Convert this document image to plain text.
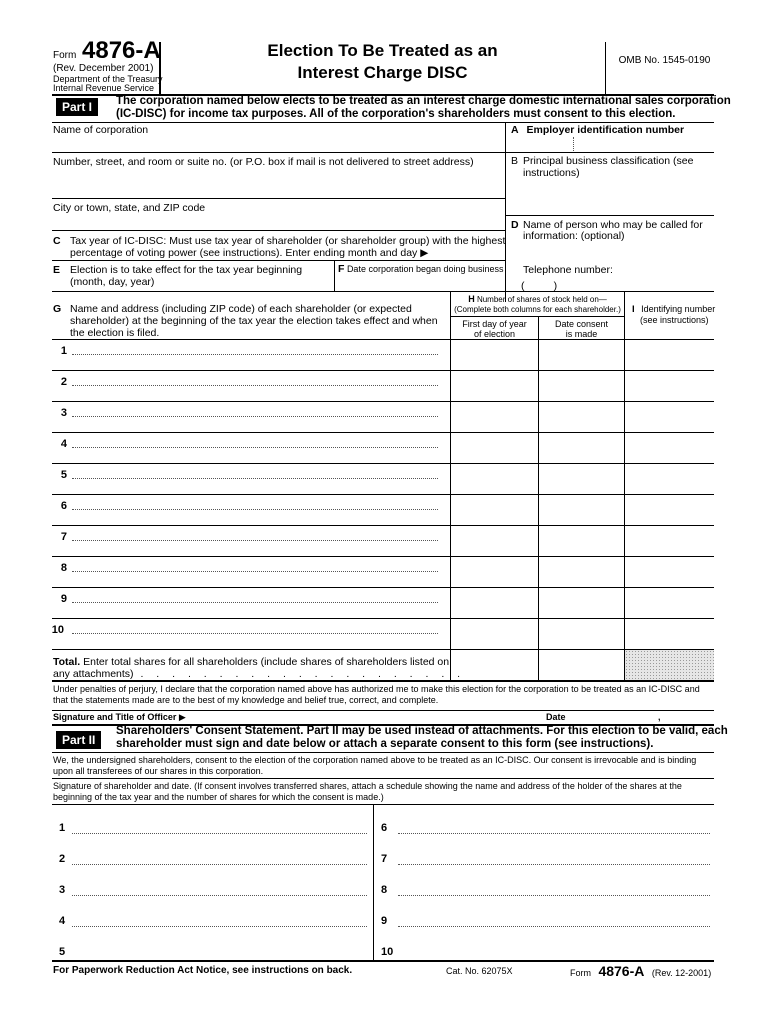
Form 4876-A
(Rev. December 2001)
Department of the Treasury
Internal Revenue Service
Election To Be Treated as an
Interest Charge DISC
OMB No. 1545-0190
Part I	The corporation named below elects to be treated as an interest charge domestic international sales corporation
(IC-DISC) for income tax purposes. All of the corporation's shareholders must consent to this election.
Name of corporation	A Employer identification number
Number, street, and room or suite no. (or P.O. box if mail is not delivered to street address)	B Principal business classification (see
instructions)
City or town, state, and ZIP code
D Name of person who may be called for
information: (optional)
C Tax year of IC-DISC: Must use tax year of shareholder (or shareholder group) with the highest
percentage of voting power (see instructions). Enter ending month and day ▶
E Election is to take effect for the tax year beginning
(month, day, year)
F Date corporation began doing business Telephone number:
(          )
G Name and address (including ZIP code) of each shareholder (or expected
shareholder) at the beginning of the tax year the election takes effect and when
the election is filed.
H Number of shares of stock held on—
(Complete both columns for each shareholder.)
First day of year
of election
Date consent
is made
I Identifying number
(see instructions)
1
2
3
4
5
6
7
8
9
10
Total. Enter total shares for all shareholders (include shares of shareholders listed on
any attachments) . . . . . . . . . . . . . . . . . . . . .
Under penalties of perjury, I declare that the corporation named above has authorized me to make this election for the corporation to be treated as an IC-DISC and
that the statements made are to the best of my knowledge and belief true, correct, and complete.
Signature and Title of Officer ▶	Date	,
Part II
Shareholders' Consent Statement. Part II may be used instead of attachments. For this election to be valid, each
shareholder must sign and date below or attach a separate consent to this form (see instructions).
We, the undersigned shareholders, consent to the election of the corporation named above to be treated as an IC-DISC. Our consent is irrevocable and is binding
upon all transferees of our shares in this corporation.
Signature of shareholder and date. (If consent involves transferred shares, attach a schedule showing the name and address of the holder of the shares at the
beginning of the tax year and the number of shares for which the consent is made.)
1
2
3
4
5
6
7
8
9
10
For Paperwork Reduction Act Notice, see instructions on back.	Cat. No. 62075X	Form 4876-A (Rev. 12-2001)
